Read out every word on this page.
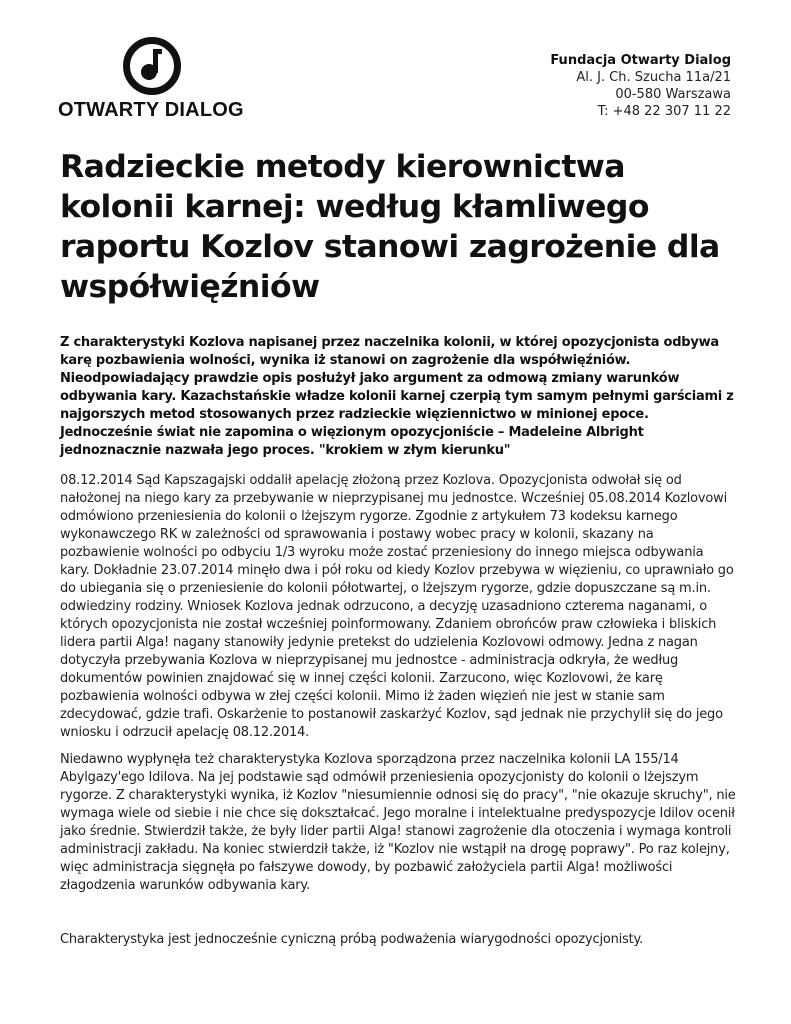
OTWARTY DIALOG
Fundacja Otwarty Dialog
Al. J. Ch. Szucha 11a/21
00-580 Warszawa
T: +48 22 307 11 22
Radzieckie metody kierownictwa kolonii karnej: według kłamliwego raportu Kozlov stanowi zagrożenie dla współwięźniów

Z charakterystyki Kozlova napisanej przez naczelnika kolonii, w której opozycjonista odbywa karę pozbawienia wolności, wynika iż stanowi on zagrożenie dla współwięźniów. Nieodpowiadający prawdzie opis posłużył jako argument za odmową zmiany warunków odbywania kary. Kazachstańskie władze kolonii karnej czerpią tym samym pełnymi garściami z najgorszych metod stosowanych przez radzieckie więziennictwo w minionej epoce. Jednocześnie świat nie zapomina o więzionym opozycjoniście – Madeleine Albright jednoznacznie nazwała jego proces. "krokiem w złym kierunku"

08.12.2014 Sąd Kapszagajski oddalił apelację złożoną przez Kozlova. Opozycjonista odwołał się od nałożonej na niego kary za przebywanie w nieprzypisanej mu jednostce. Wcześniej 05.08.2014 Kozlovowi odmówiono przeniesienia do kolonii o lżejszym rygorze. Zgodnie z artykułem 73 kodeksu karnego wykonawczego RK w zależności od sprawowania i postawy wobec pracy w kolonii, skazany na pozbawienie wolności po odbyciu 1/3 wyroku może zostać przeniesiony do innego miejsca odbywania kary. Dokładnie 23.07.2014 minęło dwa i pół roku od kiedy Kozlov przebywa w więzieniu, co uprawniało go do ubiegania się o przeniesienie do kolonii półotwartej, o lżejszym rygorze, gdzie dopuszczane są m.in. odwiedziny rodziny. Wniosek Kozlova jednak odrzucono, a decyzję uzasadniono czterema naganami, o których opozycjonista nie został wcześniej poinformowany. Zdaniem obrońców praw człowieka i bliskich lidera partii Alga! nagany stanowiły jedynie pretekst do udzielenia Kozlovowi odmowy. Jedna z nagan dotyczyła przebywania Kozlova w nieprzypisanej mu jednostce - administracja odkryła, że według dokumentów powinien znajdować się w innej części kolonii. Zarzucono, więc Kozlovowi, że karę pozbawienia wolności odbywa w złej części kolonii. Mimo iż żaden więzień nie jest w stanie sam zdecydować, gdzie trafi. Oskarżenie to postanowił zaskarżyć Kozlov, sąd jednak nie przychylił się do jego wniosku i odrzucił apelację 08.12.2014.

Niedawno wypłynęła też charakterystyka Kozlova sporządzona przez naczelnika kolonii LA 155/14 Abylgazy'ego Idilova. Na jej podstawie sąd odmówił przeniesienia opozycjonisty do kolonii o lżejszym rygorze. Z charakterystyki wynika, iż Kozlov "niesumiennie odnosi się do pracy", "nie okazuje skruchy", nie wymaga wiele od siebie i nie chce się dokształcać. Jego moralne i intelektualne predyspozycje Idilov ocenił jako średnie. Stwierdził także, że były lider partii Alga! stanowi zagrożenie dla otoczenia i wymaga kontroli administracji zakładu. Na koniec stwierdził także, iż "Kozlov nie wstąpił na drogę poprawy". Po raz kolejny, więc administracja sięgnęła po fałszywe dowody, by pozbawić założyciela partii Alga! możliwości złagodzenia warunków odbywania kary.

Charakterystyka jest jednocześnie cyniczną próbą podważenia wiarygodności opozycjonisty.
